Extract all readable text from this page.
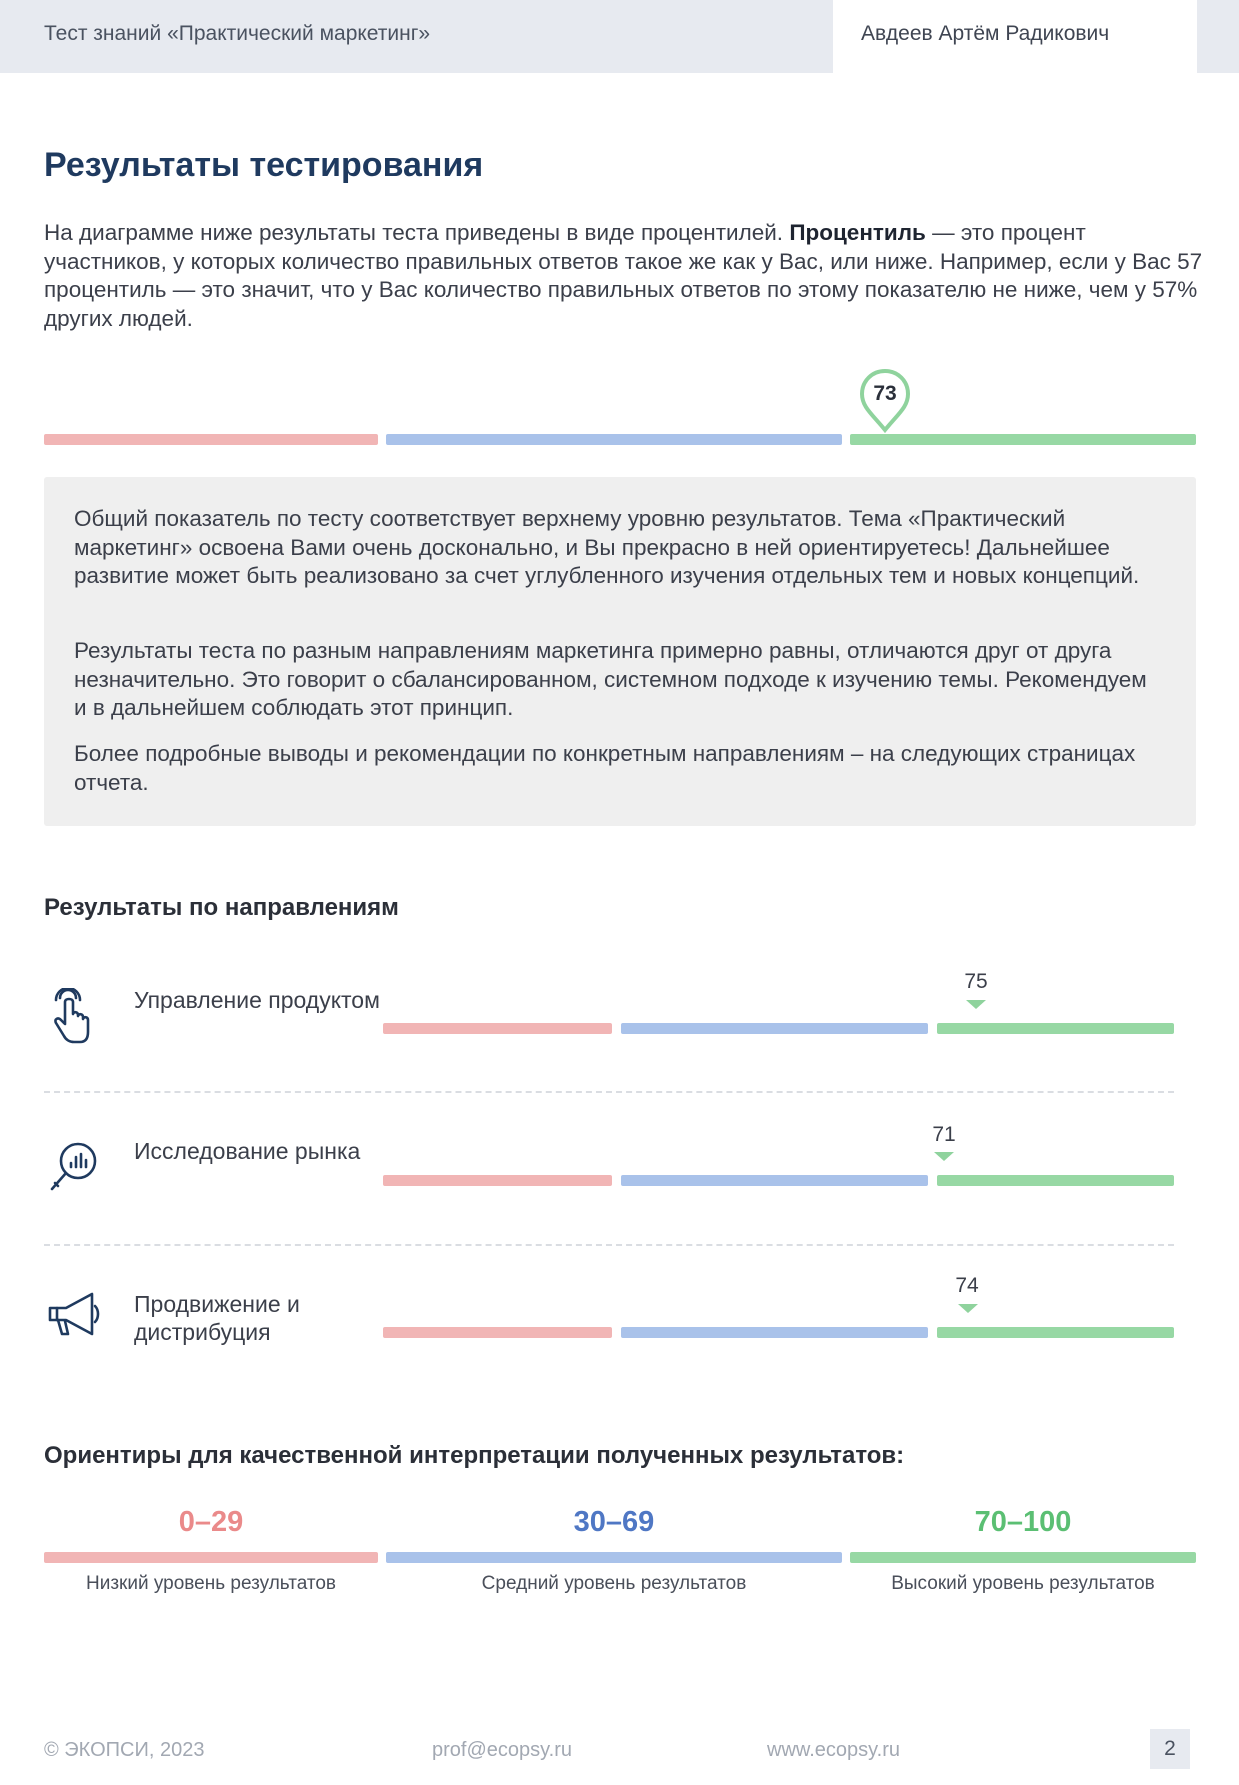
Тест знаний «Практический маркетинг»	Авдеев Артём Радикович
Результаты тестирования
На диаграмме ниже результаты теста приведены в виде процентилей. Процентиль — это процент участников, у которых количество правильных ответов такое же как у Вас, или ниже. Например, если у Вас 57 процентиль — это значит, что у Вас количество правильных ответов по этому показателю не ниже, чем у 57% других людей.
73

Общий показатель по тесту соответствует верхнему уровню результатов. Тема «Практический маркетинг» освоена Вами очень досконально, и Вы прекрасно в ней ориентируетесь! Дальнейшее развитие может быть реализовано за счет углубленного изучения отдельных тем и новых концепций.

Результаты теста по разным направлениям маркетинга примерно равны, отличаются друг от друга незначительно. Это говорит о сбалансированном, системном подходе к изучению темы. Рекомендуем и в дальнейшем соблюдать этот принцип.

Более подробные выводы и рекомендации по конкретным направлениям – на следующих страницах отчета.

Результаты по направлениям
Управление продуктом
75
Исследование рынка
71
Продвижение и дистрибуция
74
Ориентиры для качественной интерпретации полученных результатов:
0–29	30–69	70–100
Низкий уровень результатов	Средний уровень результатов	Высокий уровень результатов
© ЭКОПСИ, 2023	prof@ecopsy.ru	www.ecopsy.ru	2
